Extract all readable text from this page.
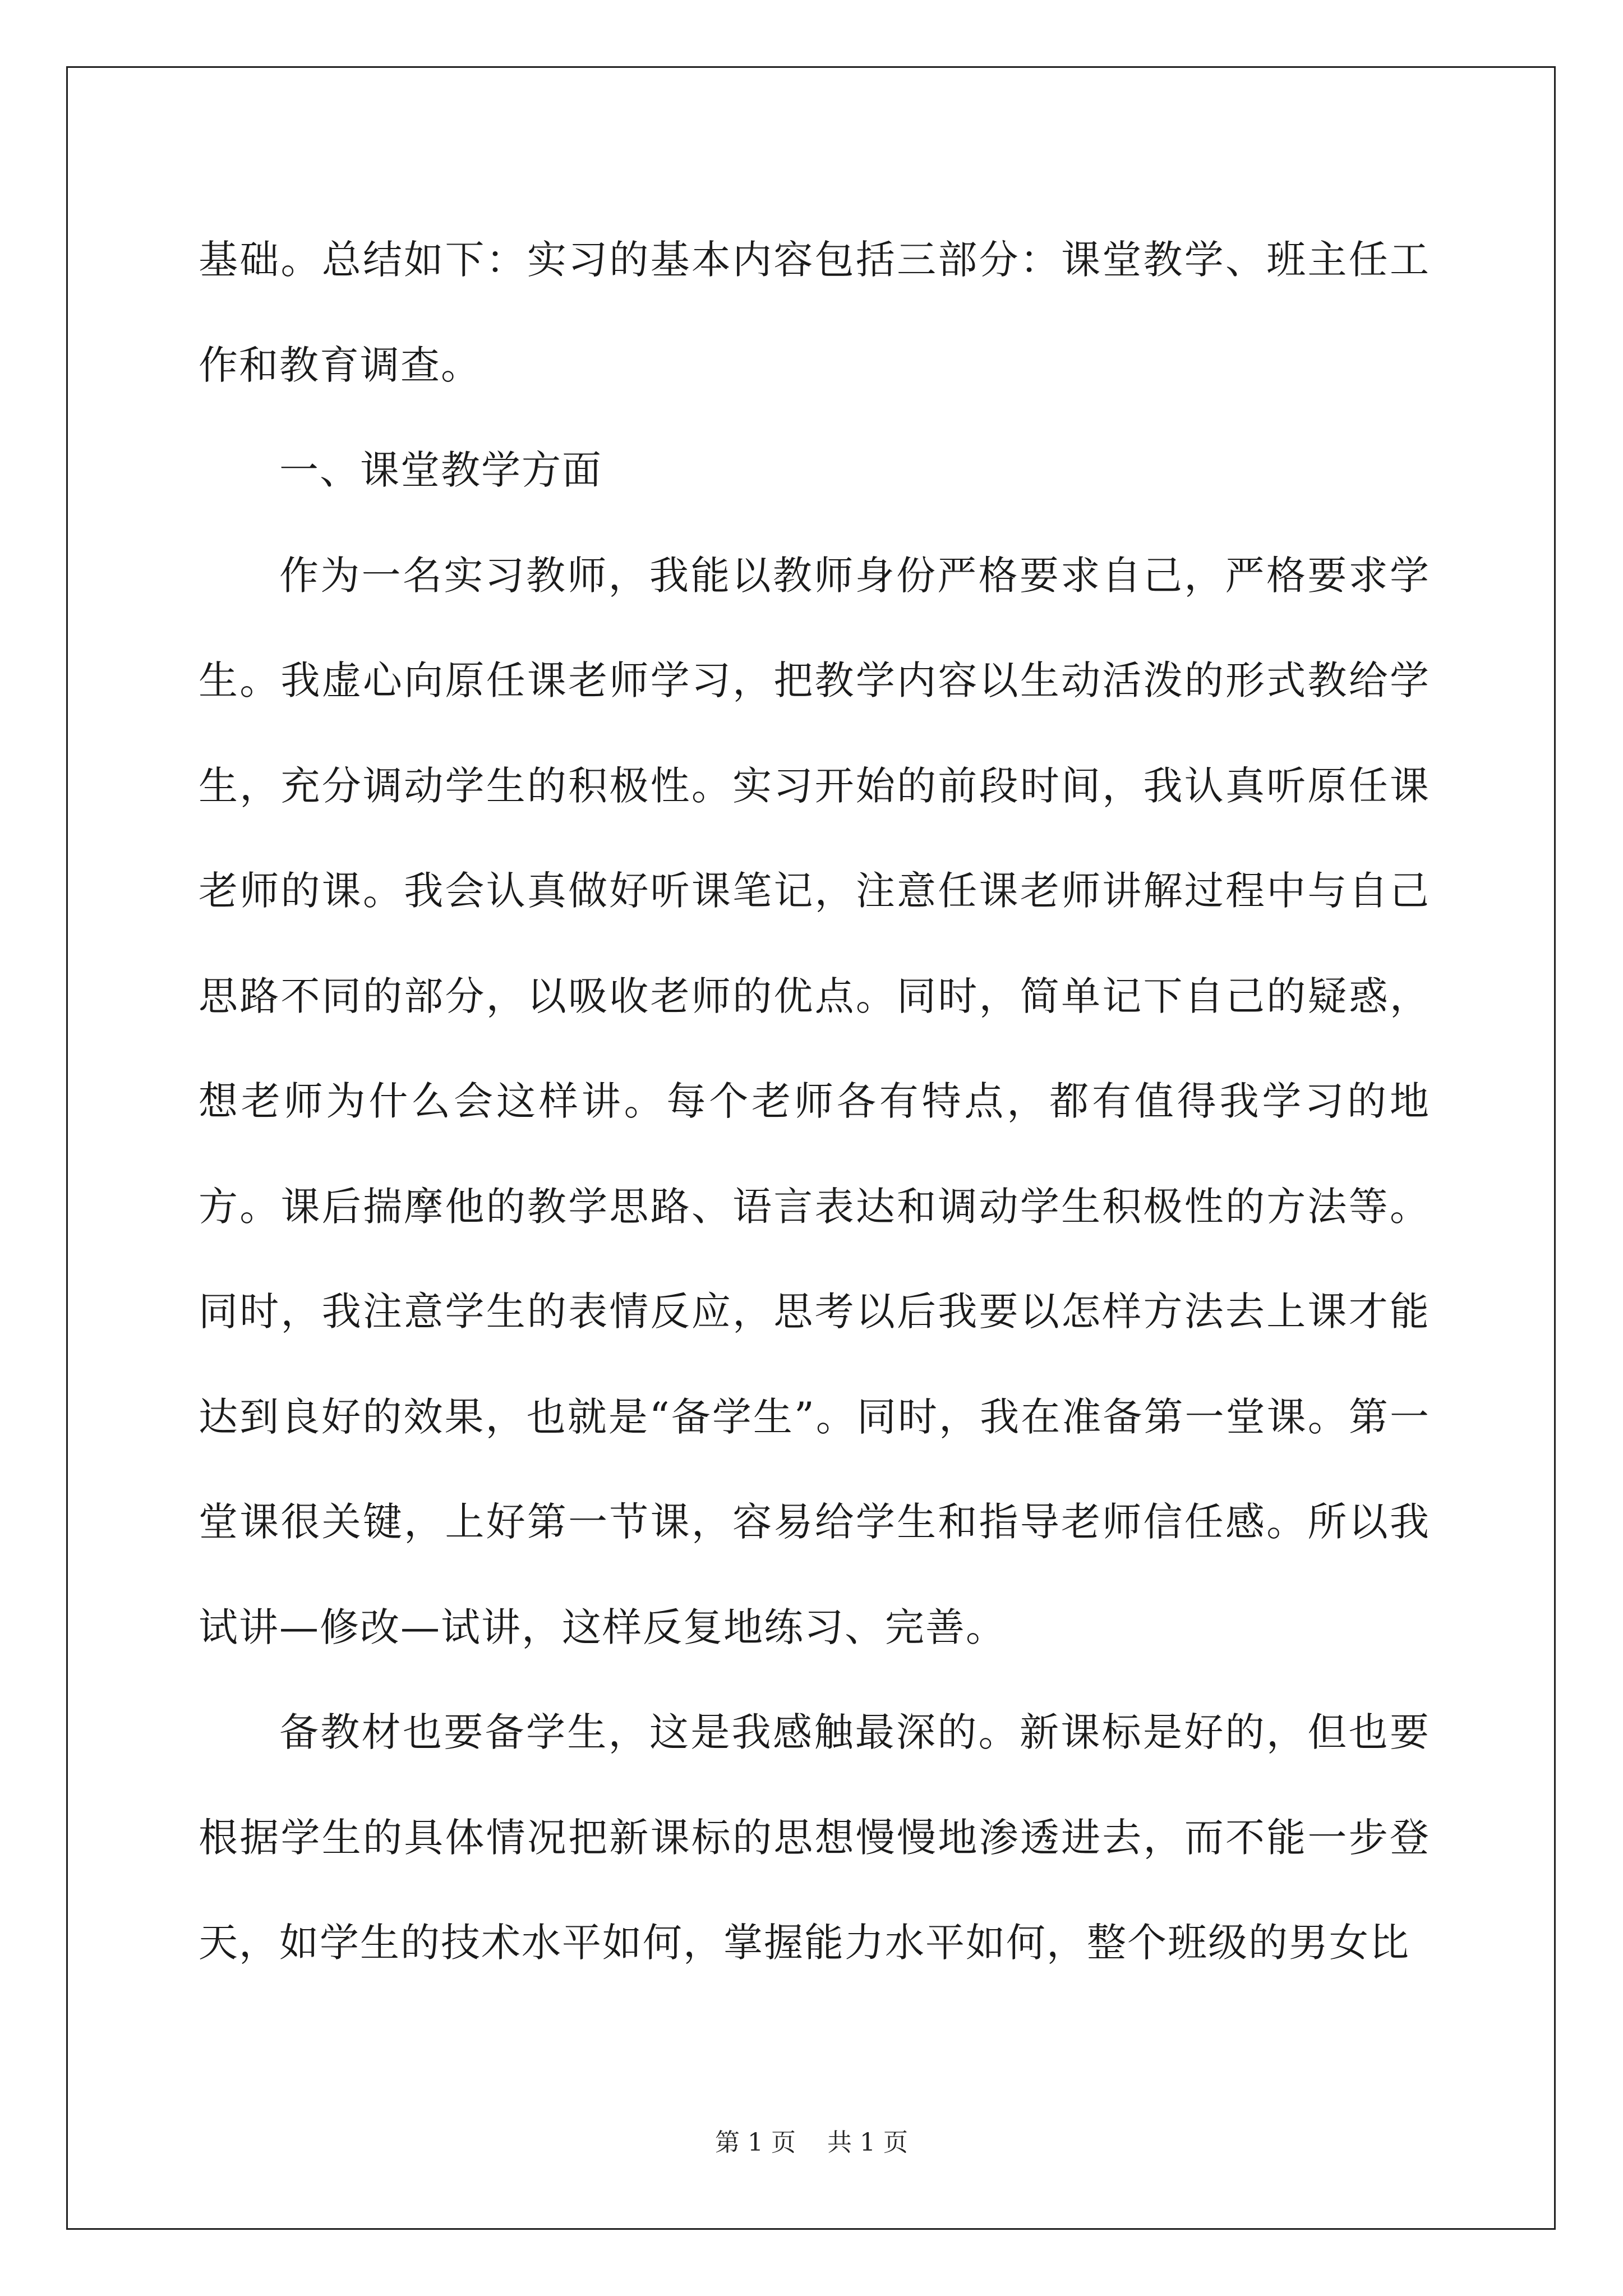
基础。总结如下：实习的基本内容包括三部分：课堂教学、班主任工作和教育调查。

一、课堂教学方面

作为一名实习教师，我能以教师身份严格要求自己，严格要求学生。我虚心向原任课老师学习，把教学内容以生动活泼的形式教给学生，充分调动学生的积极性。实习开始的前段时间，我认真听原任课老师的课。我会认真做好听课笔记，注意任课老师讲解过程中与自己思路不同的部分，以吸收老师的优点。同时，简单记下自己的疑惑，想老师为什么会这样讲。每个老师各有特点，都有值得我学习的地方。课后揣摩他的教学思路、语言表达和调动学生积极性的方法等。同时，我注意学生的表情反应，思考以后我要以怎样方法去上课才能达到良好的效果，也就是“备学生”。同时，我在准备第一堂课。第一堂课很关键，上好第一节课，容易给学生和指导老师信任感。所以我试讲—修改—试讲，这样反复地练习、完善。

备教材也要备学生，这是我感触最深的。新课标是好的，但也要根据学生的具体情况把新课标的思想慢慢地渗透进去，而不能一步登天，如学生的技术水平如何，掌握能力水平如何，整个班级的男女比

第 1 页 共 1 页
